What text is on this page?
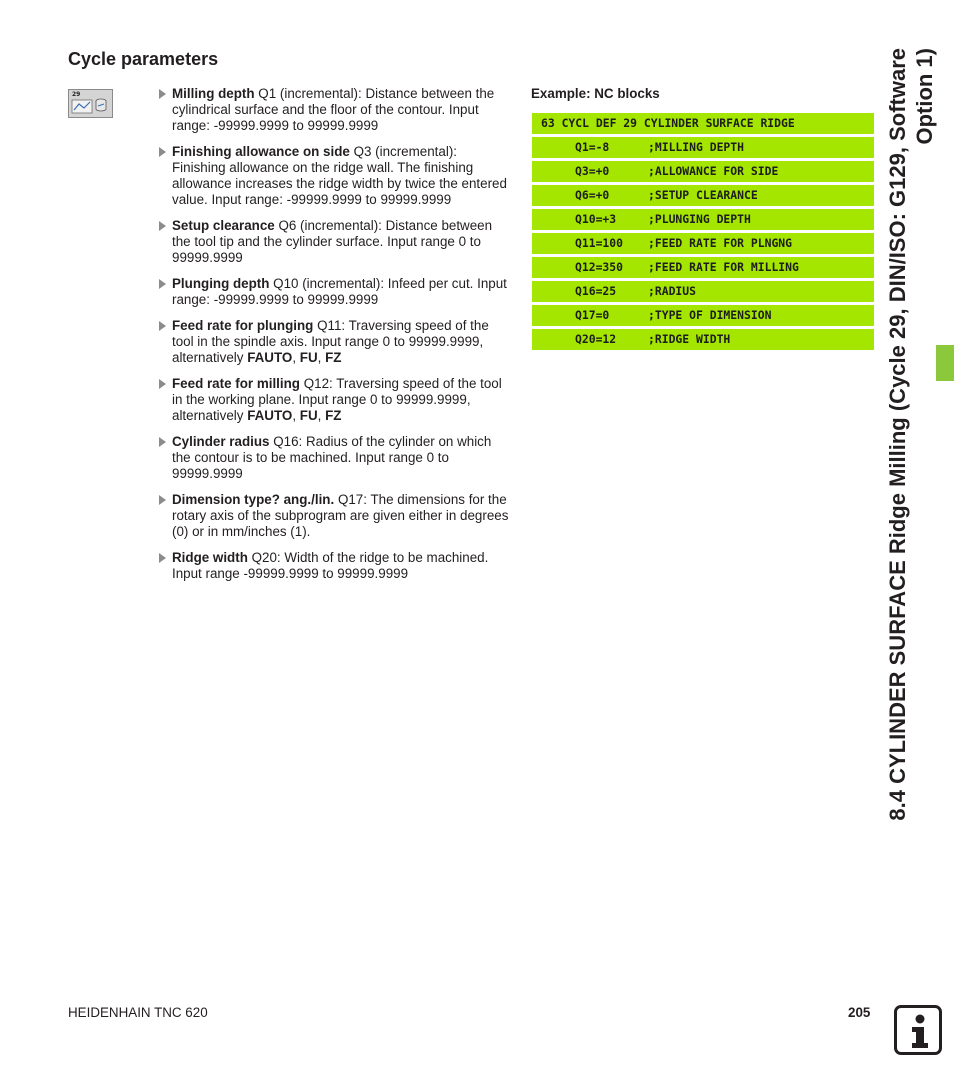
Cycle parameters
29	Milling depth Q1 (incremental): Distance between the cylindrical surface and the floor of the contour. Input range: -99999.9999 to 99999.9999
Finishing allowance on side Q3 (incremental): Finishing allowance on the ridge wall. The finishing allowance increases the ridge width by twice the entered value. Input range: -99999.9999 to 99999.9999
Setup clearance Q6 (incremental): Distance between the tool tip and the cylinder surface. Input range 0 to 99999.9999
Plunging depth Q10 (incremental): Infeed per cut. Input range: -99999.9999 to 99999.9999
Feed rate for plunging Q11: Traversing speed of the tool in the spindle axis. Input range 0 to 99999.9999, alternatively FAUTO, FU, FZ
Feed rate for milling Q12: Traversing speed of the tool in the working plane. Input range 0 to 99999.9999, alternatively FAUTO, FU, FZ
Cylinder radius Q16: Radius of the cylinder on which the contour is to be machined. Input range 0 to 99999.9999
Dimension type? ang./lin. Q17: The dimensions for the rotary axis of the subprogram are given either in degrees (0) or in mm/inches (1).
Ridge width Q20: Width of the ridge to be machined. Input range -99999.9999 to 99999.9999
Example: NC blocks
63 CYCL DEF 29 CYLINDER SURFACE RIDGE
Q1=-8	;MILLING DEPTH
Q3=+0	;ALLOWANCE FOR SIDE
Q6=+0	;SETUP CLEARANCE
Q10=+3	;PLUNGING DEPTH
Q11=100 ;FEED RATE FOR PLNGNG
Q12=350 ;FEED RATE FOR MILLING
Q16=25	;RADIUS
Q17=0	;TYPE OF DIMENSION
Q20=12	;RIDGE WIDTH	8.4 CYLINDER SURFACE Ridge Milling (Cycle 29, DIN/ISO: G129, Software Option 1)
HEIDENHAIN TNC 620	205
